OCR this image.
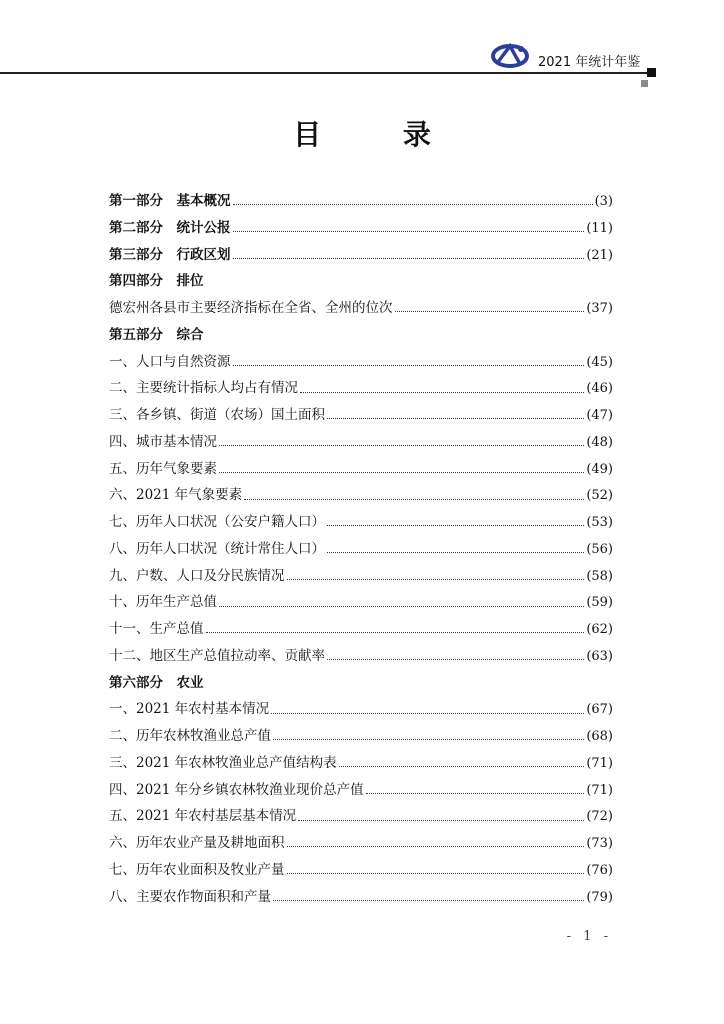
2021 年统计年鉴
目 录
第一部分　基本概况	(3)
第二部分　统计公报	(11)
第三部分　行政区划	(21)
第四部分　排位
德宏州各县市主要经济指标在全省、全州的位次	(37)
第五部分　综合
一、人口与自然资源	(45)
二、主要统计指标人均占有情况	(46)
三、各乡镇、街道（农场）国土面积	(47)
四、城市基本情况	(48)
五、历年气象要素	(49)
六、2021 年气象要素	(52)
七、历年人口状况（公安户籍人口）	(53)
八、历年人口状况（统计常住人口）	(56)
九、户数、人口及分民族情况	(58)
十、历年生产总值	(59)
十一、生产总值	(62)
十二、地区生产总值拉动率、贡献率	(63)
第六部分　农业
一、2021 年农村基本情况	(67)
二、历年农林牧渔业总产值	(68)
三、2021 年农林牧渔业总产值结构表	(71)
四、2021 年分乡镇农林牧渔业现价总产值	(71)
五、2021 年农村基层基本情况	(72)
六、历年农业产量及耕地面积	(73)
七、历年农业面积及牧业产量	(76)
八、主要农作物面积和产量	(79)
- 1 -
